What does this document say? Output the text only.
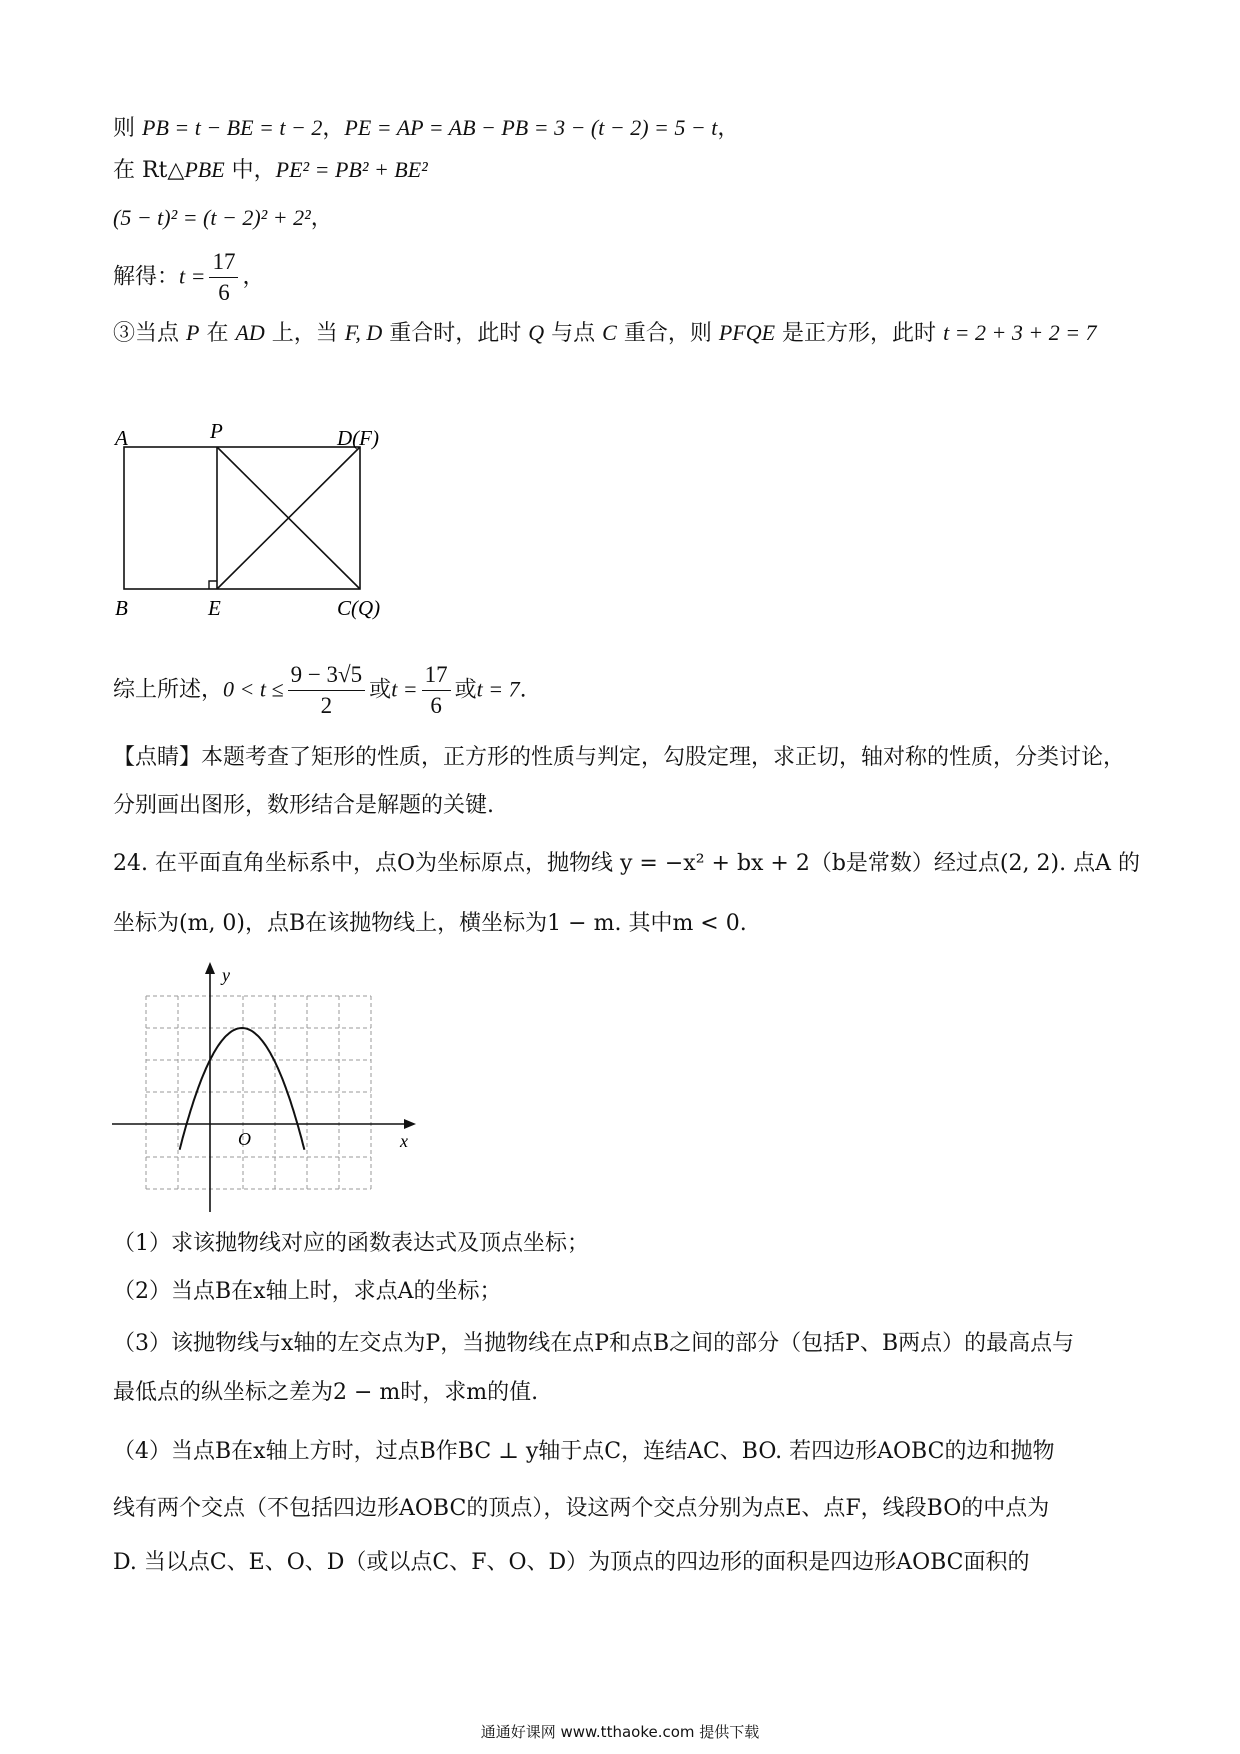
则 PB = t − BE = t − 2，PE = AP = AB − PB = 3 − (t − 2) = 5 − t，
在 Rt△PBE 中，PE² = PB² + BE²
(5 − t)² = (t − 2)² + 2²，
解得：$t = \frac{17}{6}$ ，
③当点 P 在 AD 上，当 F, D 重合时，此时 Q 与点 C 重合，则 PFQE 是正方形，此时 t = 2 + 3 + 2 = 7
A	P	D(F)
B	E	C(Q)
综上所述，$0 < t \le \frac{9 - 3√5}{2}$ 或$t = \frac{17}{6}$ 或t = 7.
【点睛】本题考查了矩形的性质，正方形的性质与判定，勾股定理，求正切，轴对称的性质，分类讨论，
分别画出图形，数形结合是解题的关键.
24. 在平面直角坐标系中，点O为坐标原点，抛物线 y = −x² + bx + 2（b是常数）经过点(2, 2). 点A 的
坐标为(m, 0)，点B在该抛物线上，横坐标为1 − m. 其中m < 0.
y
x
O
（1）求该抛物线对应的函数表达式及顶点坐标；
（2）当点B在x轴上时，求点A的坐标；
（3）该抛物线与x轴的左交点为P，当抛物线在点P和点B之间的部分（包括P、B两点）的最高点与
最低点的纵坐标之差为2 − m时，求m的值.
（4）当点B在x轴上方时，过点B作BC ⊥ y轴于点C，连结AC、BO. 若四边形AOBC的边和抛物
线有两个交点（不包括四边形AOBC的顶点），设这两个交点分别为点E、点F，线段BO的中点为
D. 当以点C、E、O、D（或以点C、F、O、D）为顶点的四边形的面积是四边形AOBC面积的
通通好课网 www.tthaoke.com 提供下载
